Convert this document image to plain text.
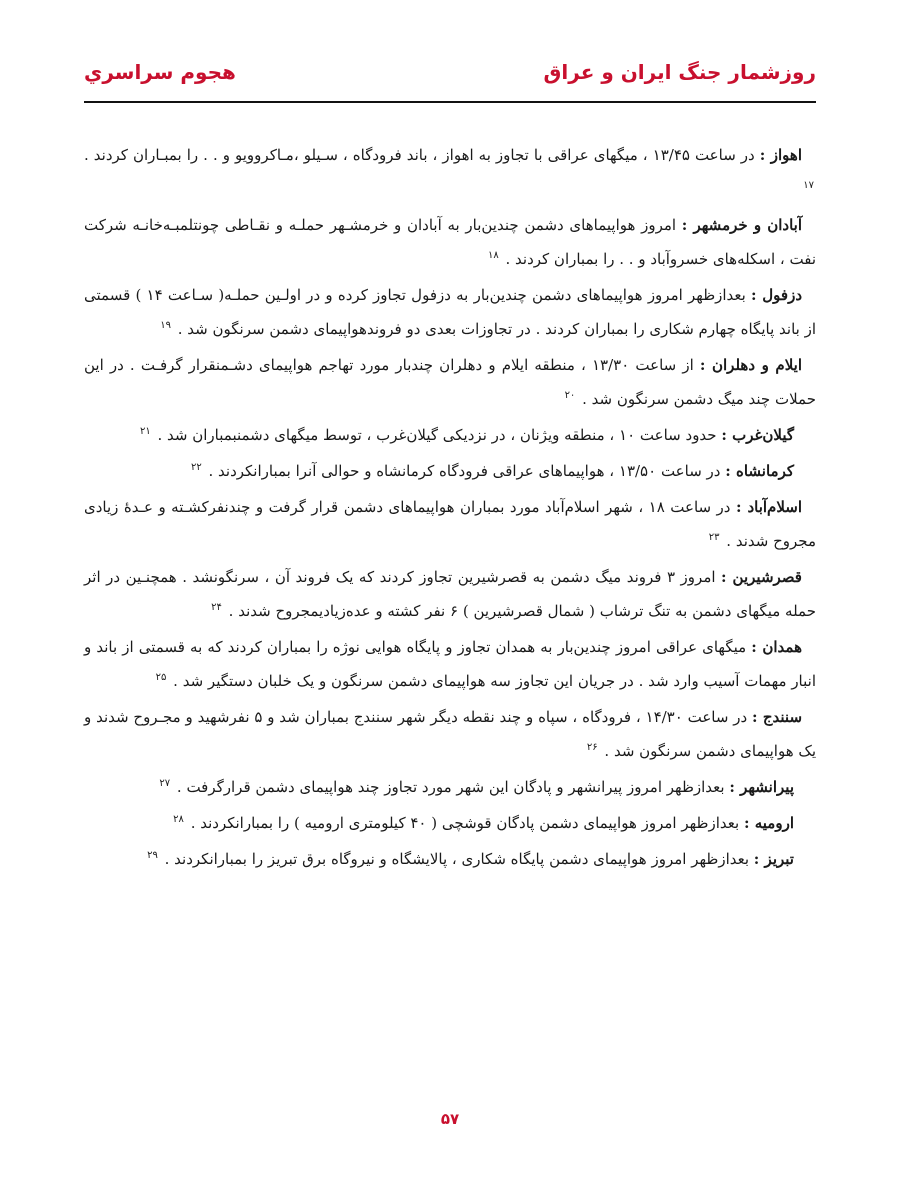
روزشمار جنگ ايران و عراق
هجوم سراسري

اهواز : در ساعت ۱۳/۴۵ ، میگهای عراقی با تجاوز به اهواز ، باند فرودگاه ، سـیلو ،مـاکروویو و . . را بمبـاران کردند . $^{۱۷}$

آبادان و خرمشهر : امروز هواپیماهای دشمن چندین‌بار به آبادان و خرمشـهر حملـه و نقـاطی چونتلمبـه‌خانـه شرکت نفت ، اسکله‌های خسروآباد و . . را بمباران کردند . $^{۱۸}$

دزفول : بعدازظهر امروز هواپیماهای دشمن چندین‌بار به دزفول تجاوز کرده و در اولـین حملـه( سـاعت ۱۴ ) قسمتی از باند پایگاه چهارم شکاری را بمباران کردند . در تجاوزات بعدی دو فروندهواپیمای دشمن سرنگون شد . $^{۱۹}$

ایلام و دهلران : از ساعت ۱۳/۳۰ ، منطقه ایلام و دهلران چندبار مورد تهاجم هواپیمای دشـمنقرار گرفـت . در این حملات چند میگ دشمن سرنگون شد . $^{۲۰}$

گیلان‌غرب : حدود ساعت ۱۰ ، منطقه ویژنان ، در نزدیکی گیلان‌غرب ، توسط میگهای دشمنبمباران شد . $^{۲۱}$

کرمانشاه : در ساعت ۱۳/۵۰ ، هواپیماهای عراقی فرودگاه کرمانشاه و حوالی آنرا بمبارانکردند . $^{۲۲}$

اسلام‌آباد : در ساعت ۱۸ ، شهر اسلام‌آباد مورد بمباران هواپیماهای دشمن قرار گرفت و چندنفرکشـته و عـدهٔ زیادی مجروح شدند . $^{۲۳}$

قصرشیرین : امروز ۳ فروند میگ دشمن به قصرشیرین تجاوز کردند که یک فروند آن ، سرنگونشد . همچنـین در اثر حمله میگهای دشمن به تنگ ترشاب ( شمال قصرشیرین ) ۶ نفر کشته و عده‌زیادیمجروح شدند . $^{۲۴}$

همدان : میگهای عراقی امروز چندین‌بار به همدان تجاوز و پایگاه هوایی نوژه را بمباران کردند که به قسمتی از باند و انبار مهمات آسیب وارد شد . در جریان این تجاوز سه هواپیمای دشمن سرنگون و یک خلبان دستگیر شد . $^{۲۵}$

سنندج : در ساعت ۱۴/۳۰ ، فرودگاه ، سپاه و چند نقطه دیگر شهر سنندج بمباران شد و ۵ نفرشهید و مجـروح شدند و یک هواپیمای دشمن سرنگون شد . $^{۲۶}$

پیرانشهر : بعدازظهر امروز پیرانشهر و پادگان این شهر مورد تجاوز چند هواپیمای دشمن قرارگرفت . $^{۲۷}$

ارومیه : بعدازظهر امروز هواپیمای دشمن پادگان قوشچی ( ۴۰ کیلومتری ارومیه ) را بمبارانکردند . $^{۲۸}$

تبریز : بعدازظهر امروز هواپیمای دشمن پایگاه شکاری ، پالایشگاه و نیروگاه برق تبریز را بمبارانکردند . $^{۲۹}$

۵۷
